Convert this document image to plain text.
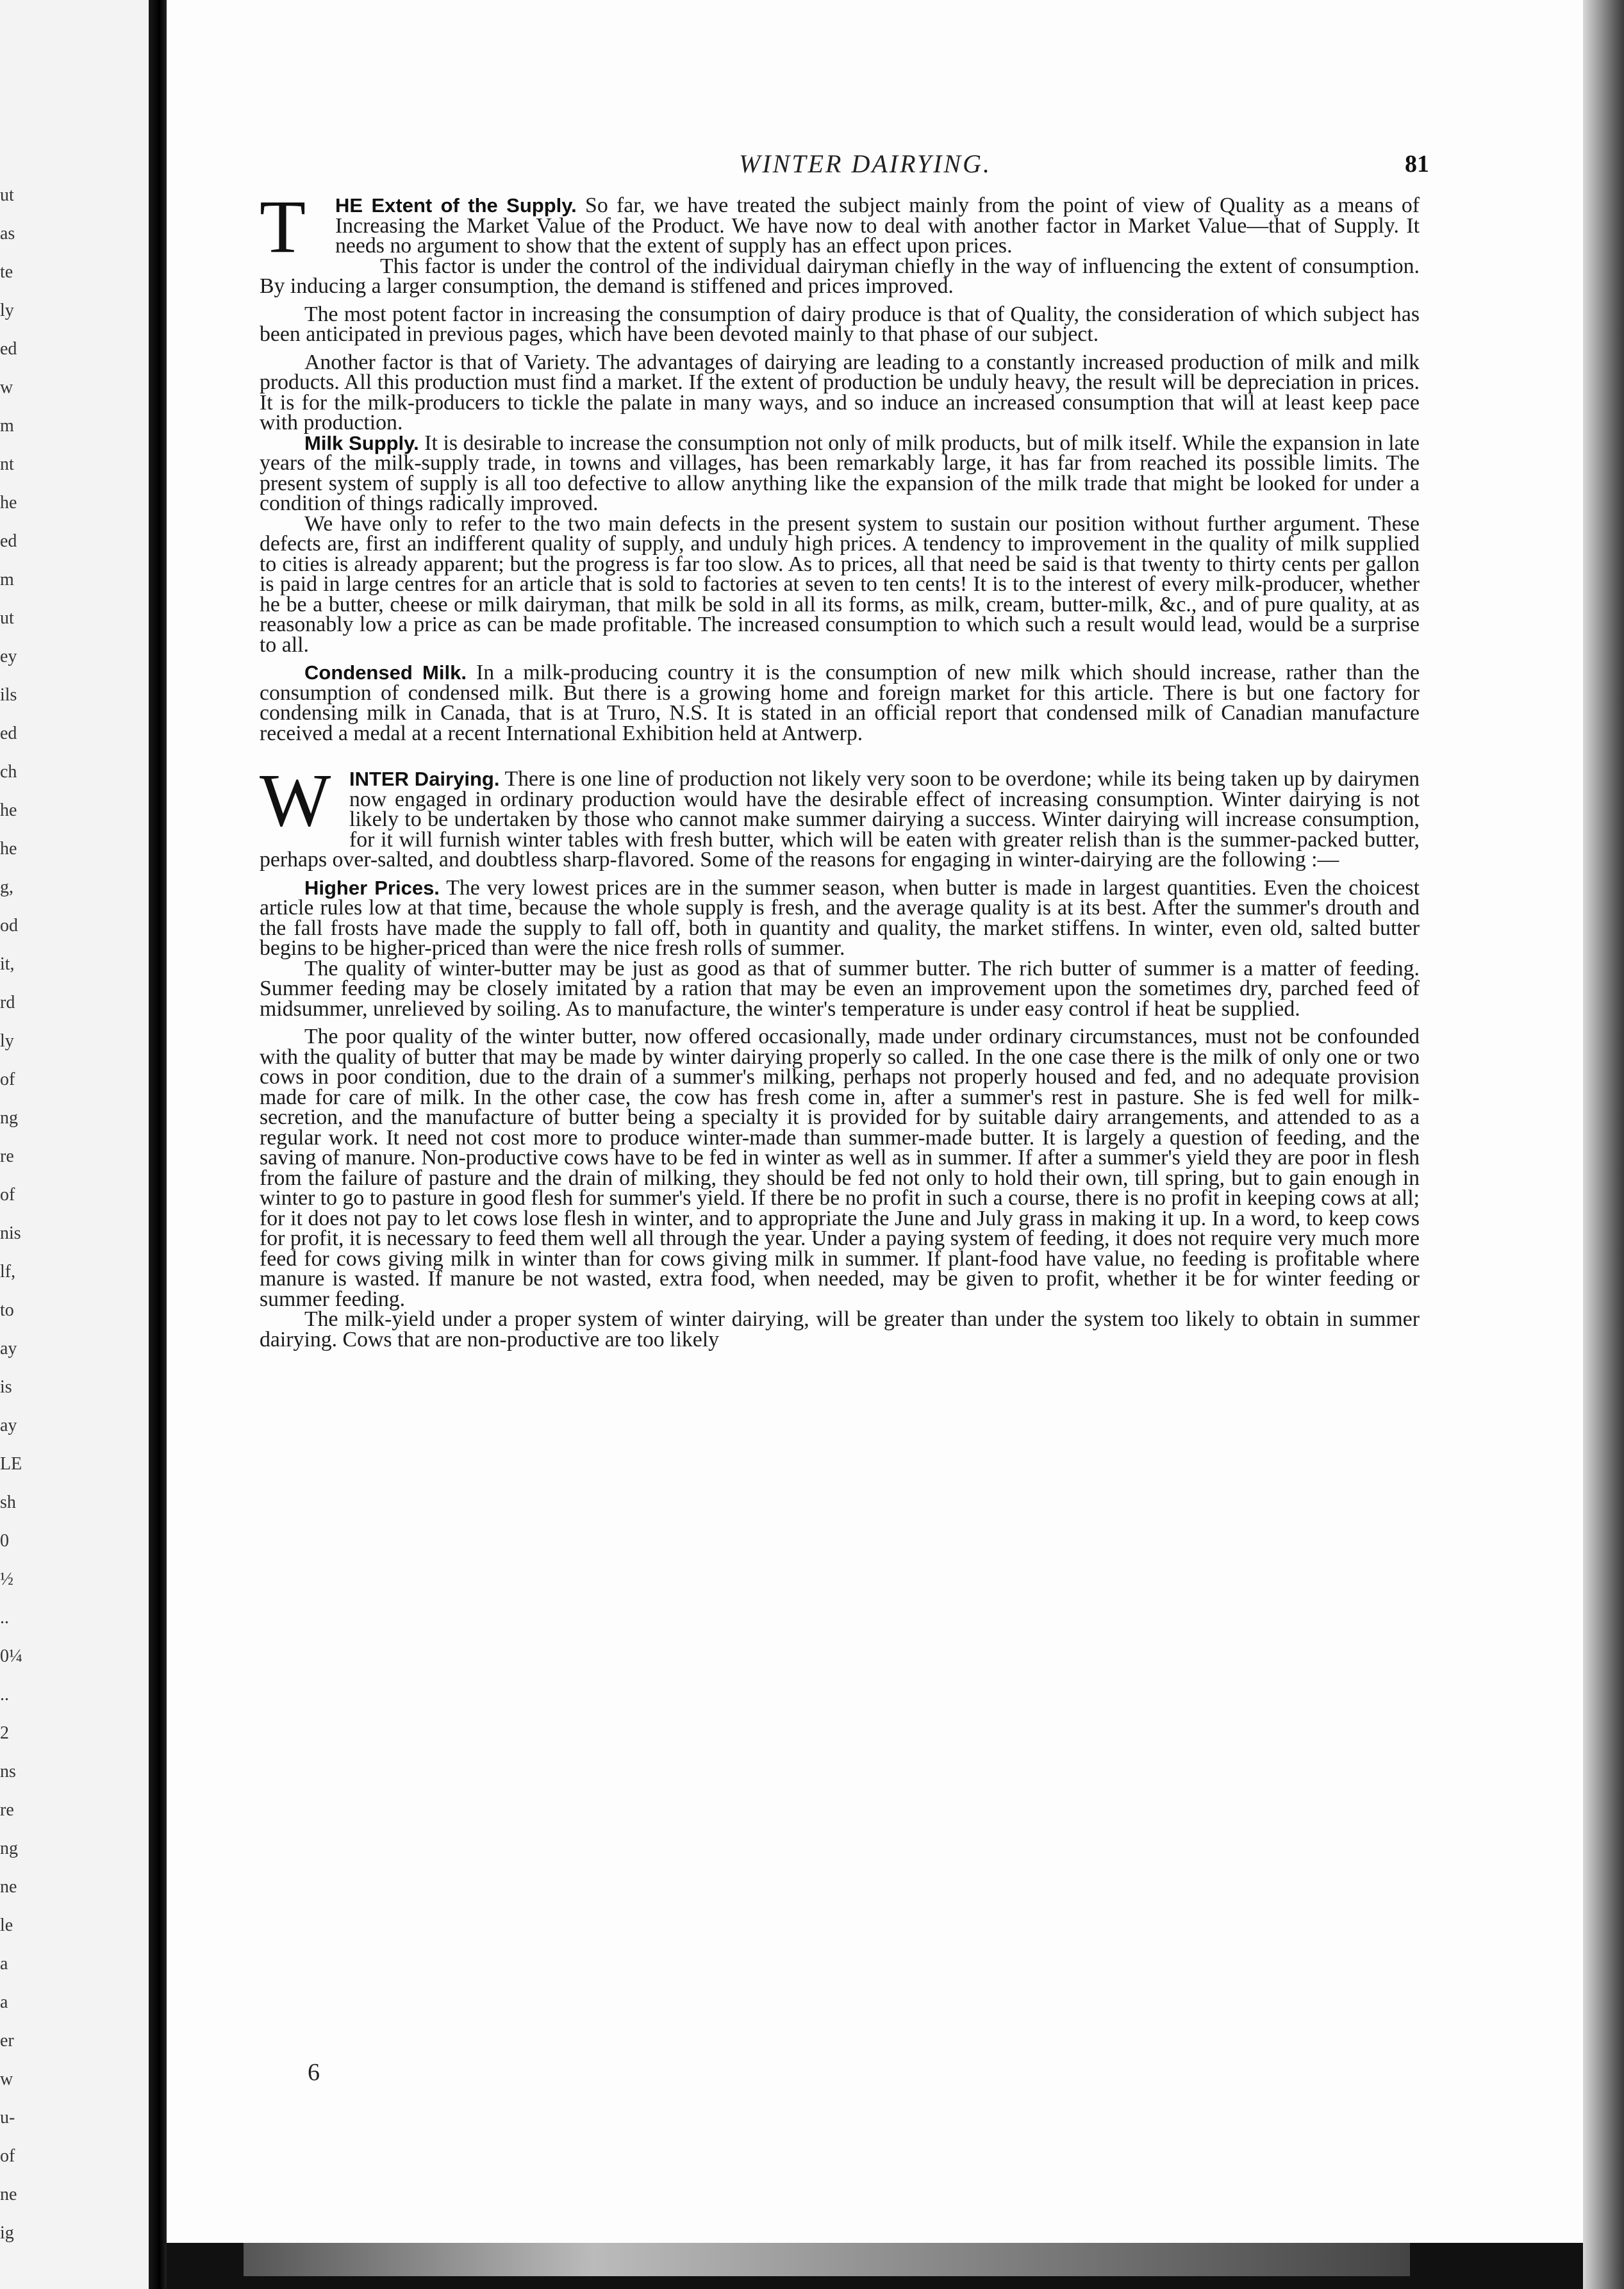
ut
as
te
ly
ed
w
m
nt
he
ed
m
ut
ey
ils
ed
ch
he
he
g,
od
it,
rd
ly
of
ng
re
of
nis
lf,
to
ay
is
ay
LE
sh
0
½
..
0¼
..
2
ns
re
ng
ne
le
a
a
er
w
u-
of
ne
ig
WINTER DAIRYING.	81

T	HE Extent of the Supply. So far, we have treated the subject mainly from the point of view of Quality as a means of Increasing the Market Value of the Product. We have now to deal with another factor in Market Value—that of Supply. It needs no argument to show that the extent of supply has an effect upon prices.

This factor is under the control of the individual dairyman chiefly in the way of influencing the extent of consumption. By inducing a larger consumption, the demand is stiffened and prices improved.

The most potent factor in increasing the consumption of dairy produce is that of Quality, the consideration of which subject has been anticipated in previous pages, which have been devoted mainly to that phase of our subject.

Another factor is that of Variety. The advantages of dairying are leading to a constantly increased production of milk and milk products. All this production must find a market. If the extent of production be unduly heavy, the result will be depreciation in prices. It is for the milk-producers to tickle the palate in many ways, and so induce an increased consumption that will at least keep pace with production.

Milk Supply. It is desirable to increase the consumption not only of milk products, but of milk itself. While the expansion in late years of the milk-supply trade, in towns and villages, has been remarkably large, it has far from reached its possible limits. The present system of supply is all too defective to allow anything like the expansion of the milk trade that might be looked for under a condition of things radically improved.

We have only to refer to the two main defects in the present system to sustain our position without further argument. These defects are, first an indifferent quality of supply, and unduly high prices. A tendency to improvement in the quality of milk supplied to cities is already apparent; but the progress is far too slow. As to prices, all that need be said is that twenty to thirty cents per gallon is paid in large centres for an article that is sold to factories at seven to ten cents! It is to the interest of every milk-producer, whether he be a butter, cheese or milk dairyman, that milk be sold in all its forms, as milk, cream, butter-milk, &c., and of pure quality, at as reasonably low a price as can be made profitable. The increased consumption to which such a result would lead, would be a surprise to all.

Condensed Milk. In a milk-producing country it is the consumption of new milk which should increase, rather than the consumption of condensed milk. But there is a growing home and foreign market for this article. There is but one factory for condensing milk in Canada, that is at Truro, N.S. It is stated in an official report that condensed milk of Canadian manufacture received a medal at a recent International Exhibition held at Antwerp.

WINTER Dairying. There is one line of production not likely very soon to be overdone; while its being taken up by dairymen now engaged in ordinary production would have the desirable effect of increasing consumption. Winter dairying is not likely to be undertaken by those who cannot make summer dairying a success. Winter dairying will increase consumption, for it will furnish winter tables with fresh butter, which will be eaten with greater relish than is the summer-packed butter, perhaps over-salted, and doubtless sharp-flavored. Some of the reasons for engaging in winter-dairying are the following :—

Higher Prices. The very lowest prices are in the summer season, when butter is made in largest quantities. Even the choicest article rules low at that time, because the whole supply is fresh, and the average quality is at its best. After the summer's drouth and the fall frosts have made the supply to fall off, both in quantity and quality, the market stiffens. In winter, even old, salted butter begins to be higher-priced than were the nice fresh rolls of summer.

The quality of winter-butter may be just as good as that of summer butter. The rich butter of summer is a matter of feeding. Summer feeding may be closely imitated by a ration that may be even an improvement upon the sometimes dry, parched feed of midsummer, unrelieved by soiling. As to manufacture, the winter's temperature is under easy control if heat be supplied.

The poor quality of the winter butter, now offered occasionally, made under ordinary circumstances, must not be confounded with the quality of butter that may be made by winter dairying properly so called. In the one case there is the milk of only one or two cows in poor condition, due to the drain of a summer's milking, perhaps not properly housed and fed, and no adequate provision made for care of milk. In the other case, the cow has fresh come in, after a summer's rest in pasture. She is fed well for milk-secretion, and the manufacture of butter being a specialty it is provided for by suitable dairy arrangements, and attended to as a regular work. It need not cost more to produce winter-made than summer-made butter. It is largely a question of feeding, and the saving of manure. Non-productive cows have to be fed in winter as well as in summer. If after a summer's yield they are poor in flesh from the failure of pasture and the drain of milking, they should be fed not only to hold their own, till spring, but to gain enough in winter to go to pasture in good flesh for summer's yield. If there be no profit in such a course, there is no profit in keeping cows at all; for it does not pay to let cows lose flesh in winter, and to appropriate the June and July grass in making it up. In a word, to keep cows for profit, it is necessary to feed them well all through the year. Under a paying system of feeding, it does not require very much more feed for cows giving milk in winter than for cows giving milk in summer. If plant-food have value, no feeding is profitable where manure is wasted. If manure be not wasted, extra food, when needed, may be given to profit, whether it be for winter feeding or summer feeding.

The milk-yield under a proper system of winter dairying, will be greater than under the system too likely to obtain in summer dairying. Cows that are non-productive are too likely

6
